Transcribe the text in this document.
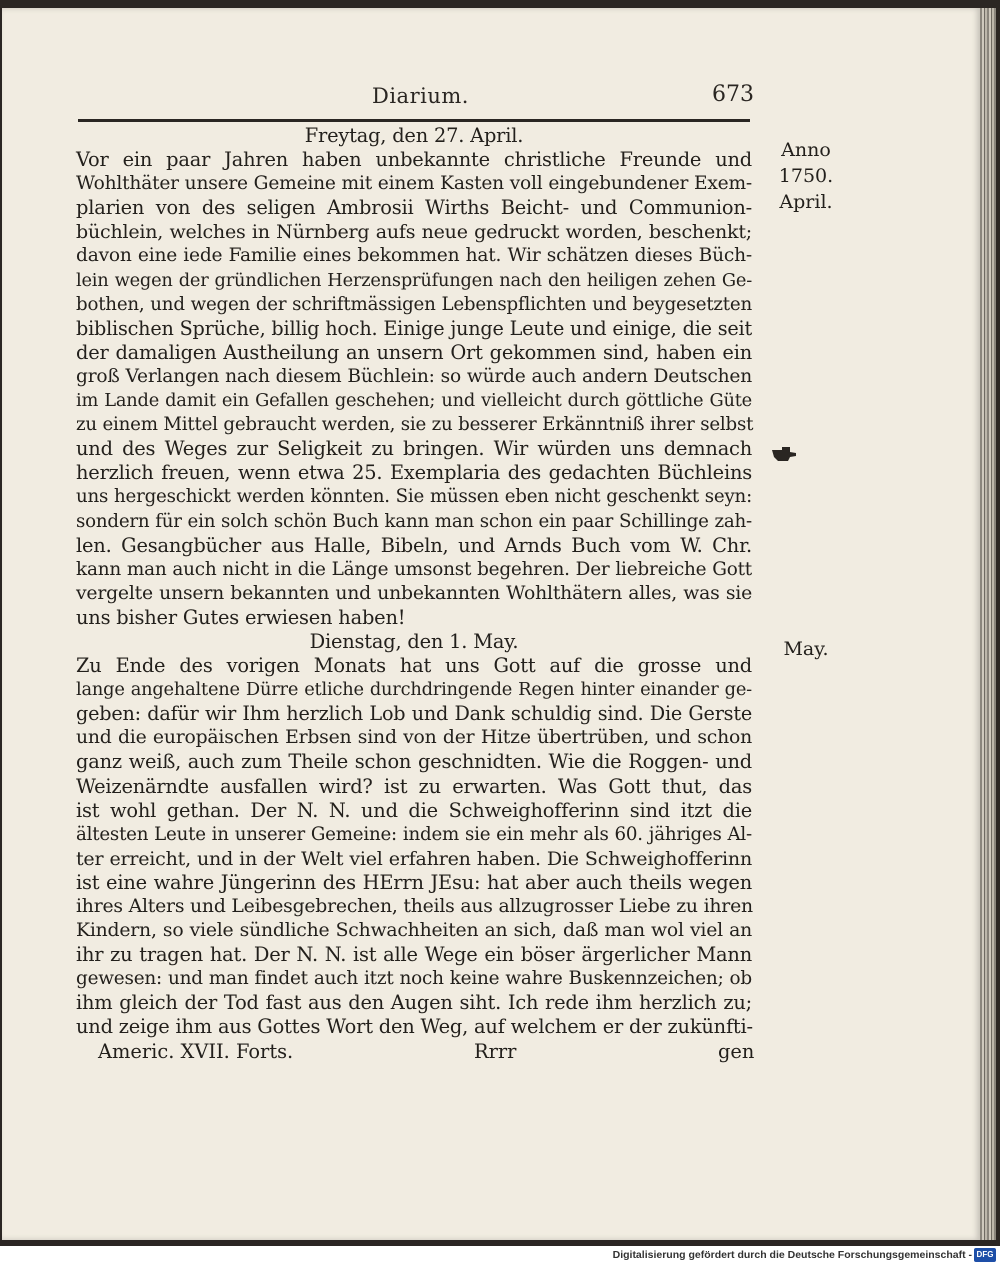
Diarium.	673
Freytag, den 27. April.
Vor ein paar Jahren haben unbekannte christliche Freunde und
Wohlthäter unsere Gemeine mit einem Kasten voll eingebundener Exem-
plarien von des seligen Ambrosii Wirths Beicht- und Communion-
büchlein, welches in Nürnberg aufs neue gedruckt worden, beschenkt;
davon eine iede Familie eines bekommen hat. Wir schätzen dieses Büch-
lein wegen der gründlichen Herzensprüfungen nach den heiligen zehen Ge-
bothen, und wegen der schriftmässigen Lebenspflichten und beygesetzten
biblischen Sprüche, billig hoch. Einige junge Leute und einige, die seit
der damaligen Austheilung an unsern Ort gekommen sind, haben ein
groß Verlangen nach diesem Büchlein: so würde auch andern Deutschen
im Lande damit ein Gefallen geschehen; und vielleicht durch göttliche Güte
zu einem Mittel gebraucht werden, sie zu besserer Erkänntniß ihrer selbst
und des Weges zur Seligkeit zu bringen. Wir würden uns demnach
herzlich freuen, wenn etwa 25. Exemplaria des gedachten Büchleins
uns hergeschickt werden könnten. Sie müssen eben nicht geschenkt seyn:
sondern für ein solch schön Buch kann man schon ein paar Schillinge zah-
len. Gesangbücher aus Halle, Bibeln, und Arnds Buch vom W. Chr.
kann man auch nicht in die Länge umsonst begehren. Der liebreiche Gott
vergelte unsern bekannten und unbekannten Wohlthätern alles, was sie
uns bisher Gutes erwiesen haben!
Dienstag, den 1. May.
Zu Ende des vorigen Monats hat uns Gott auf die grosse und
lange angehaltene Dürre etliche durchdringende Regen hinter einander ge-
geben: dafür wir Ihm herzlich Lob und Dank schuldig sind. Die Gerste
und die europäischen Erbsen sind von der Hitze übertrüben, und schon
ganz weiß, auch zum Theile schon geschnidten. Wie die Roggen- und
Weizenärndte ausfallen wird? ist zu erwarten. Was Gott thut, das
ist wohl gethan. Der N. N. und die Schweighofferinn sind itzt die
ältesten Leute in unserer Gemeine: indem sie ein mehr als 60. jähriges Al-
ter erreicht, und in der Welt viel erfahren haben. Die Schweighofferinn
ist eine wahre Jüngerinn des HErrn JEsu: hat aber auch theils wegen
ihres Alters und Leibesgebrechen, theils aus allzugrosser Liebe zu ihren
Kindern, so viele sündliche Schwachheiten an sich, daß man wol viel an
ihr zu tragen hat. Der N. N. ist alle Wege ein böser ärgerlicher Mann
gewesen: und man findet auch itzt noch keine wahre Buskennzeichen; ob
ihm gleich der Tod fast aus den Augen siht. Ich rede ihm herzlich zu;
und zeige ihm aus Gottes Wort den Weg, auf welchem er der zukünfti-
Anno
1750.
April.
May.
Americ. XVII. Forts.	Rrrr	gen
Digitalisierung gefördert durch die Deutsche Forschungsgemeinschaft - DFG
